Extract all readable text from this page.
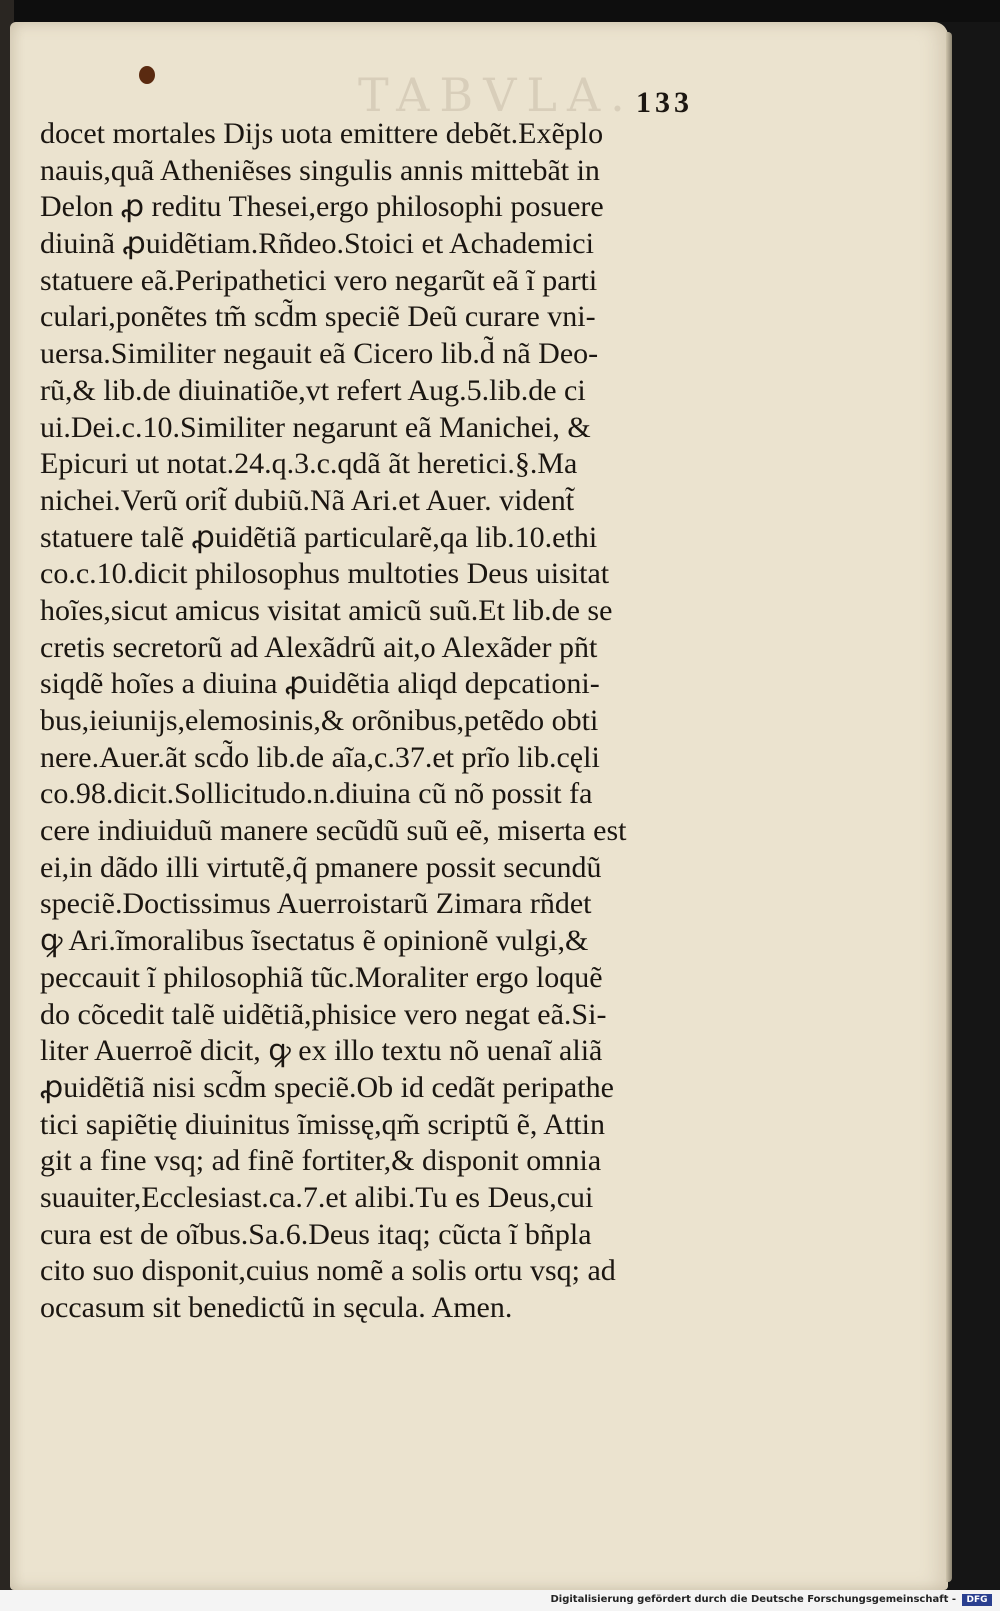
TABVLA. 133
docet mortales Dijs uota emittere debẽt.Exẽplo
nauis,quã Atheniẽses singulis annis mittebãt in
Delon ꝓ reditu Thesei,ergo philosophi posuere
diuinã ꝓuidẽtiam.Rñdeo.Stoici et Achademici
statuere eã.Peripathetici vero negarũt eã ĩ parti
culari,ponẽtes tm̃ scd̃m speciẽ Deũ curare vni-
uersa.Similiter negauit eã Cicero lib.d̃ nã Deo-
rũ,& lib.de diuinatiõe,vt refert Aug.5.lib.de ci
ui.Dei.c.10.Similiter negarunt eã Manichei, &
Epicuri ut notat.24.q.3.c.qdã ãt heretici.§.Ma
nichei.Verũ orit̃ dubiũ.Nã Ari.et Auer. vident̃
statuere talẽ ꝓuidẽtiã particularẽ,qa lib.10.ethi
co.c.10.dicit philosophus multoties Deus uisitat
hoĩes,sicut amicus visitat amicũ suũ.Et lib.de se
cretis secretorũ ad Alexãdrũ ait,o Alexãder pñt
siqdẽ hoĩes a diuina ꝓuidẽtia aliqd depcationi-
bus,ieiunijs,elemosinis,& orõnibus,petẽdo obti
nere.Auer.ãt scd̃o lib.de aĩa,c.37.et prĩo lib.cęli
co.98.dicit.Sollicitudo.n.diuina cũ nõ possit fa
cere indiuiduũ manere secũdũ suũ eẽ, miserta est
ei,in dãdo illi virtutẽ,q̃ pmanere possit secundũ
speciẽ.Doctissimus Auerroistarũ Zimara rñdet
ꝙ Ari.ĩmoralibus ĩsectatus ẽ opinionẽ vulgi,&
peccauit ĩ philosophiã tũc.Moraliter ergo loquẽ
do cõcedit talẽ uidẽtiã,phisice vero negat eã.Si-
liter Auerroẽ dicit, ꝙ ex illo textu nõ uenaĩ aliã
ꝓuidẽtiã nisi scd̃m speciẽ.Ob id cedãt peripathe
tici sapiẽtię diuinitus ĩmissę,qm̃ scriptũ ẽ, Attin
git a fine vsq; ad finẽ fortiter,& disponit omnia
suauiter,Ecclesiast.ca.7.et alibi.Tu es Deus,cui
cura est de oĩbus.Sa.6.Deus itaq; cũcta ĩ bñpla
cito suo disponit,cuius nomẽ a solis ortu vsq; ad
occasum sit benedictũ in sęcula. Amen.
Digitalisierung gefördert durch die Deutsche Forschungsgemeinschaft -	DFG
